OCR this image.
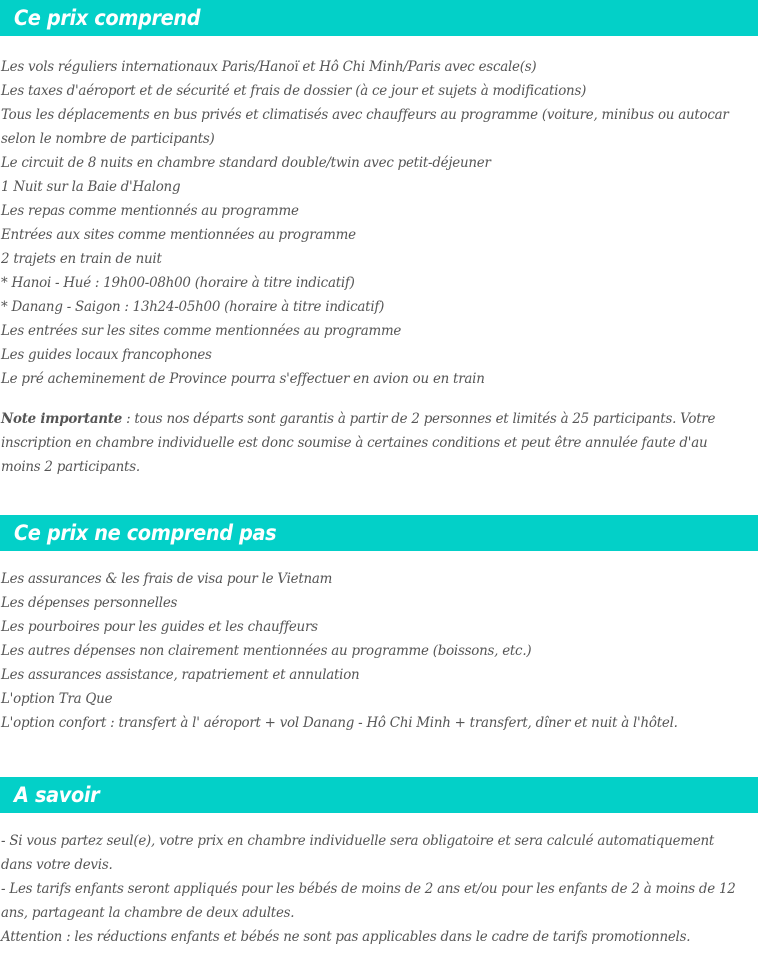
Ce prix comprend
Les vols réguliers internationaux Paris/Hanoï et Hô Chi Minh/Paris avec escale(s)
Les taxes d'aéroport et de sécurité et frais de dossier (à ce jour et sujets à modifications)
Tous les déplacements en bus privés et climatisés avec chauffeurs au programme (voiture, minibus ou autocar selon le nombre de participants)
Le circuit de 8 nuits en chambre standard double/twin avec petit-déjeuner
1 Nuit sur la Baie d'Halong
Les repas comme mentionnés au programme
Entrées aux sites comme mentionnées au programme
2 trajets en train de nuit
* Hanoi - Hué : 19h00-08h00 (horaire à titre indicatif)
* Danang - Saigon : 13h24-05h00 (horaire à titre indicatif)
Les entrées sur les sites comme mentionnées au programme
Les guides locaux francophones
Le pré acheminement de Province pourra s'effectuer en avion ou en train
Note importante : tous nos départs sont garantis à partir de 2 personnes et limités à 25 participants. Votre inscription en chambre individuelle est donc soumise à certaines conditions et peut être annulée faute d'au moins 2 participants.
Ce prix ne comprend pas
Les assurances & les frais de visa pour le Vietnam
Les dépenses personnelles
Les pourboires pour les guides et les chauffeurs
Les autres dépenses non clairement mentionnées au programme (boissons, etc.)
Les assurances assistance, rapatriement et annulation
L'option Tra Que
L'option confort : transfert à l' aéroport + vol Danang - Hô Chi Minh + transfert, dîner et nuit à l'hôtel.
A savoir
- Si vous partez seul(e), votre prix en chambre individuelle sera obligatoire et sera calculé automatiquement dans votre devis.
- Les tarifs enfants seront appliqués pour les bébés de moins de 2 ans et/ou pour les enfants de 2 à moins de 12 ans, partageant la chambre de deux adultes.
Attention : les réductions enfants et bébés ne sont pas applicables dans le cadre de tarifs promotionnels.
